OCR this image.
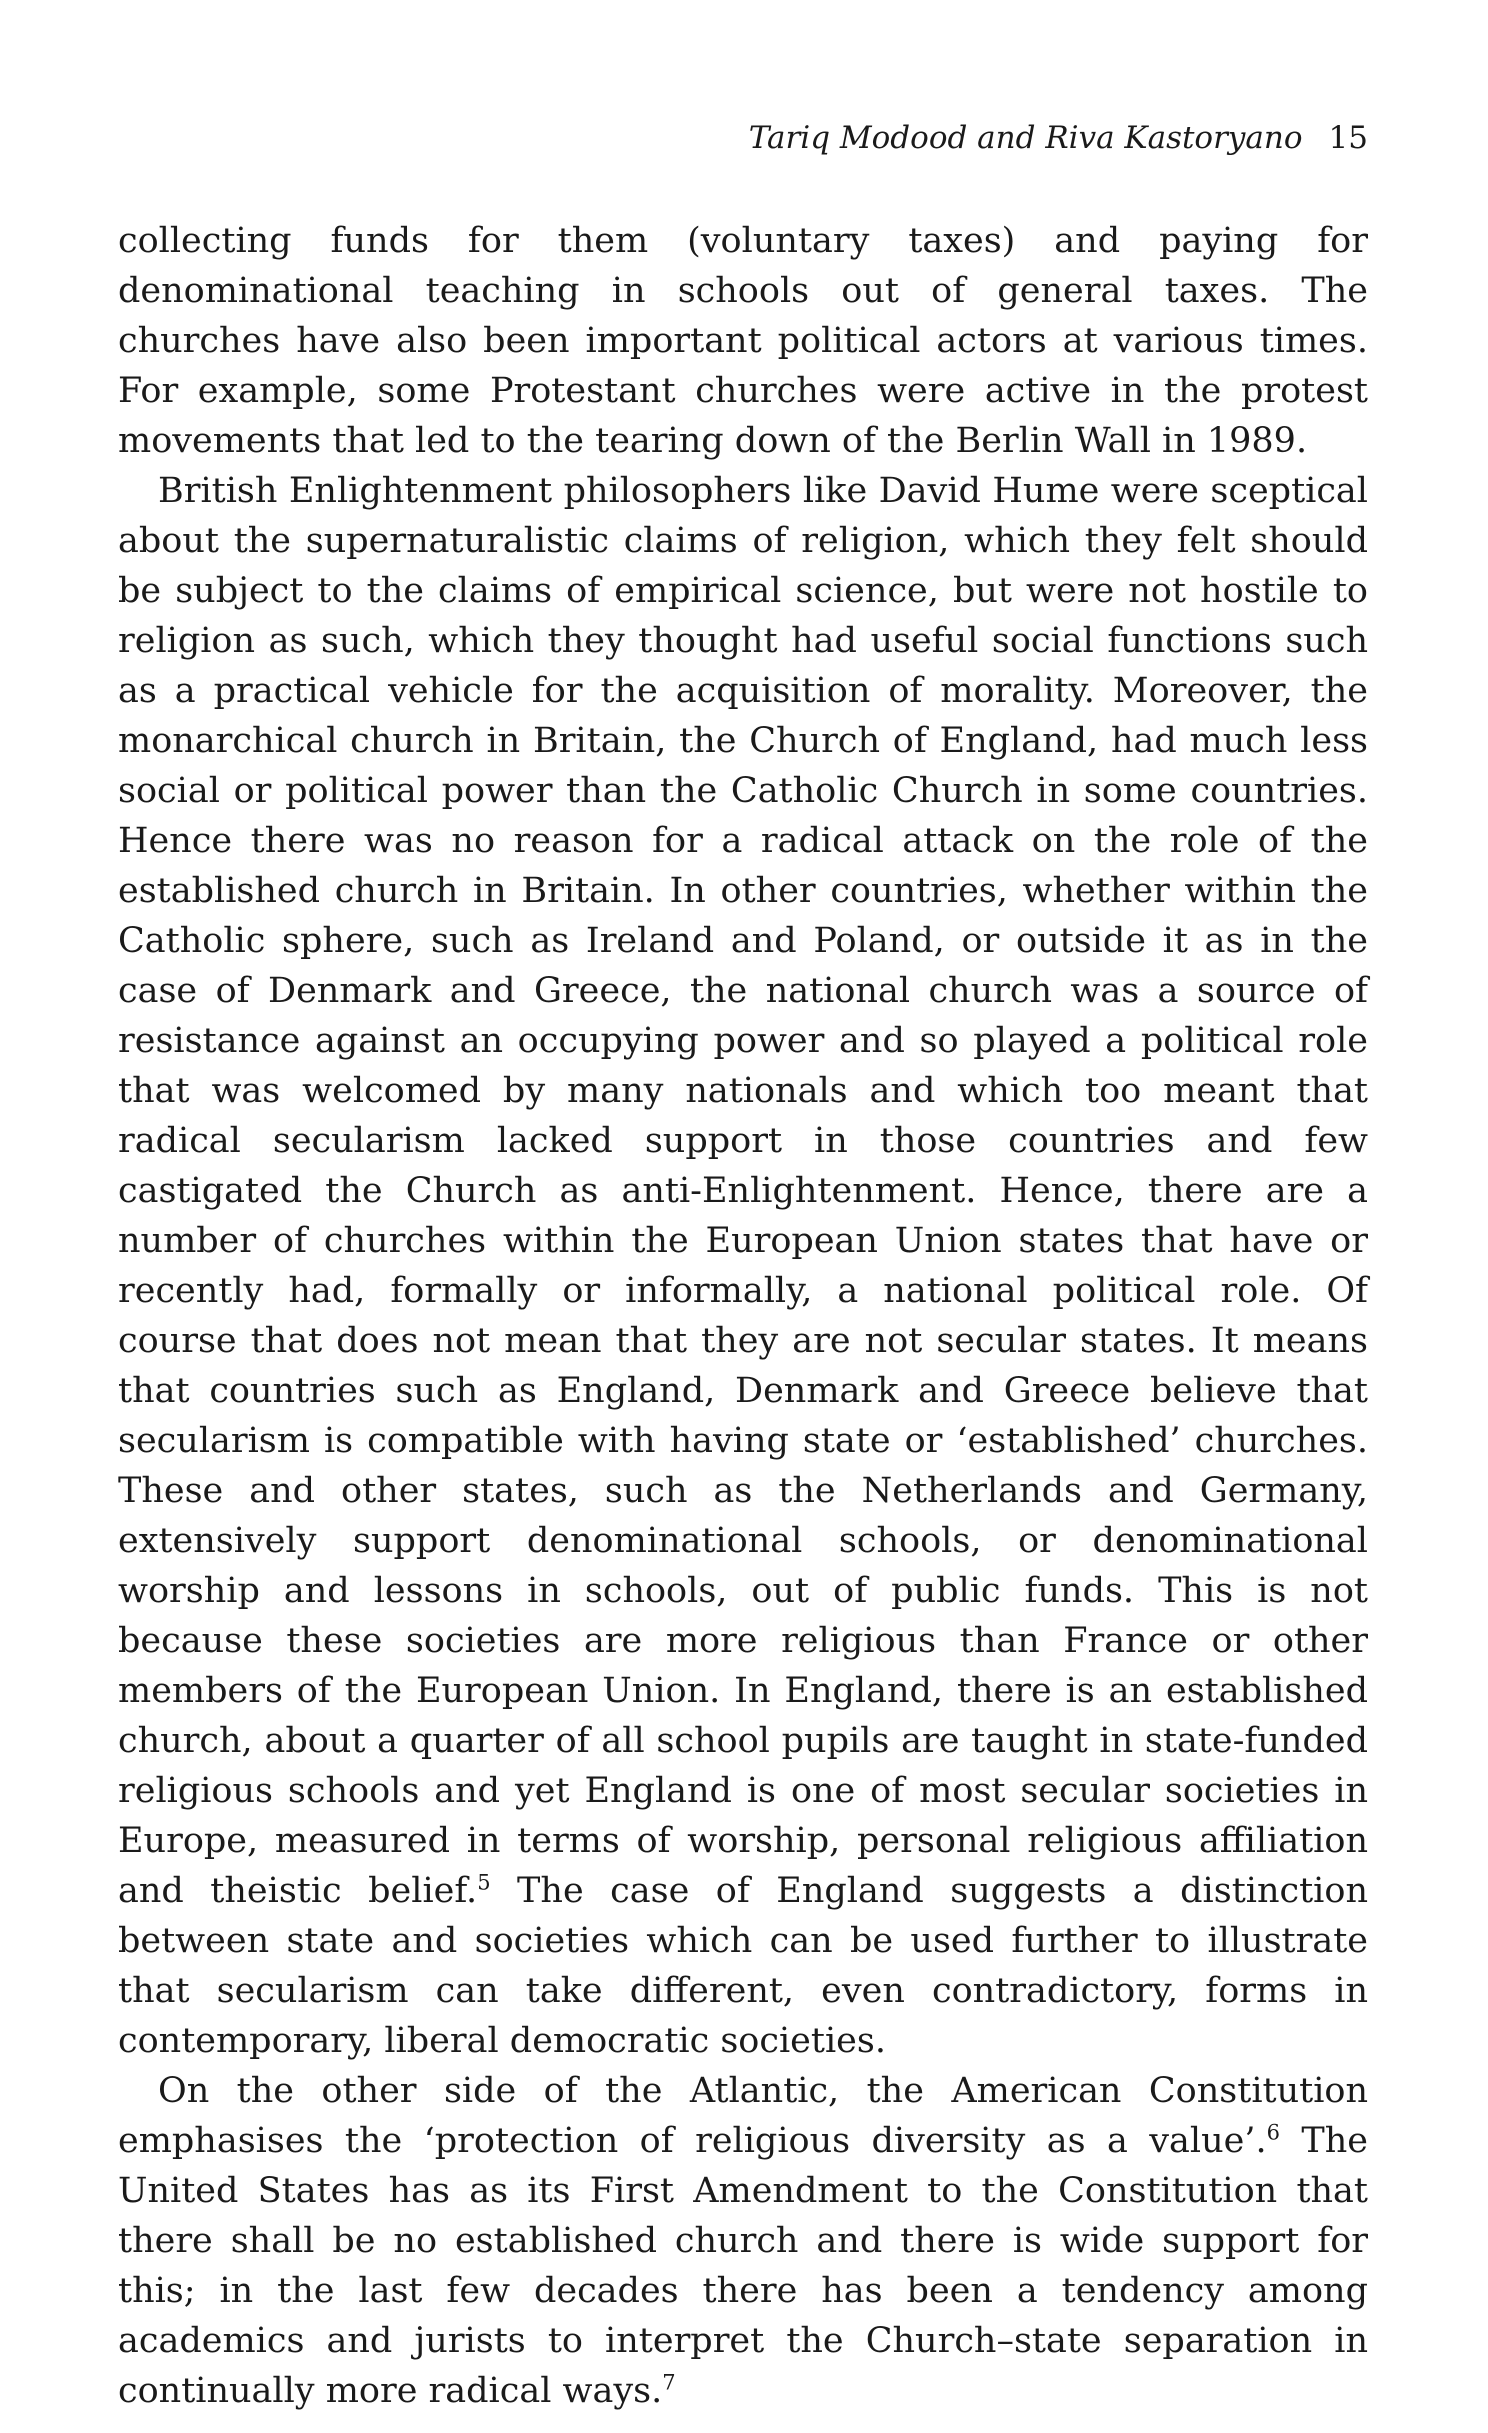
Tariq Modood and Riva Kastoryano 15

collecting funds for them (voluntary taxes) and paying for denominational teaching in schools out of general taxes. The churches have also been important political actors at various times. For example, some Protestant churches were active in the protest movements that led to the tearing down of the Berlin Wall in 1989.

British Enlightenment philosophers like David Hume were sceptical about the supernaturalistic claims of religion, which they felt should be subject to the claims of empirical science, but were not hostile to religion as such, which they thought had useful social functions such as a practical vehicle for the acquisition of morality. Moreover, the monarchical church in Britain, the Church of England, had much less social or political power than the Catholic Church in some countries. Hence there was no reason for a radical attack on the role of the established church in Britain. In other countries, whether within the Catholic sphere, such as Ireland and Poland, or outside it as in the case of Denmark and Greece, the national church was a source of resistance against an occupying power and so played a political role that was welcomed by many nationals and which too meant that radical secularism lacked support in those countries and few castigated the Church as anti-Enlightenment. Hence, there are a number of churches within the European Union states that have or recently had, formally or informally, a national political role. Of course that does not mean that they are not secular states. It means that countries such as England, Denmark and Greece believe that secularism is compatible with having state or ‘established’ churches. These and other states, such as the Netherlands and Germany, extensively support denominational schools, or denominational worship and lessons in schools, out of public funds. This is not because these societies are more religious than France or other members of the European Union. In England, there is an established church, about a quarter of all school pupils are taught in state-funded religious schools and yet England is one of most secular societies in Europe, measured in terms of worship, personal religious affiliation and theistic belief.$^5$ The case of England suggests a distinction between state and societies which can be used further to illustrate that secularism can take different, even contradictory, forms in contemporary, liberal democratic societies.

On the other side of the Atlantic, the American Constitution emphasises the ‘protection of religious diversity as a value’.$^6$ The United States has as its First Amendment to the Constitution that there shall be no established church and there is wide support for this; in the last few decades there has been a tendency among academics and jurists to interpret the Church–state separation in continually more radical ways.$^7$
